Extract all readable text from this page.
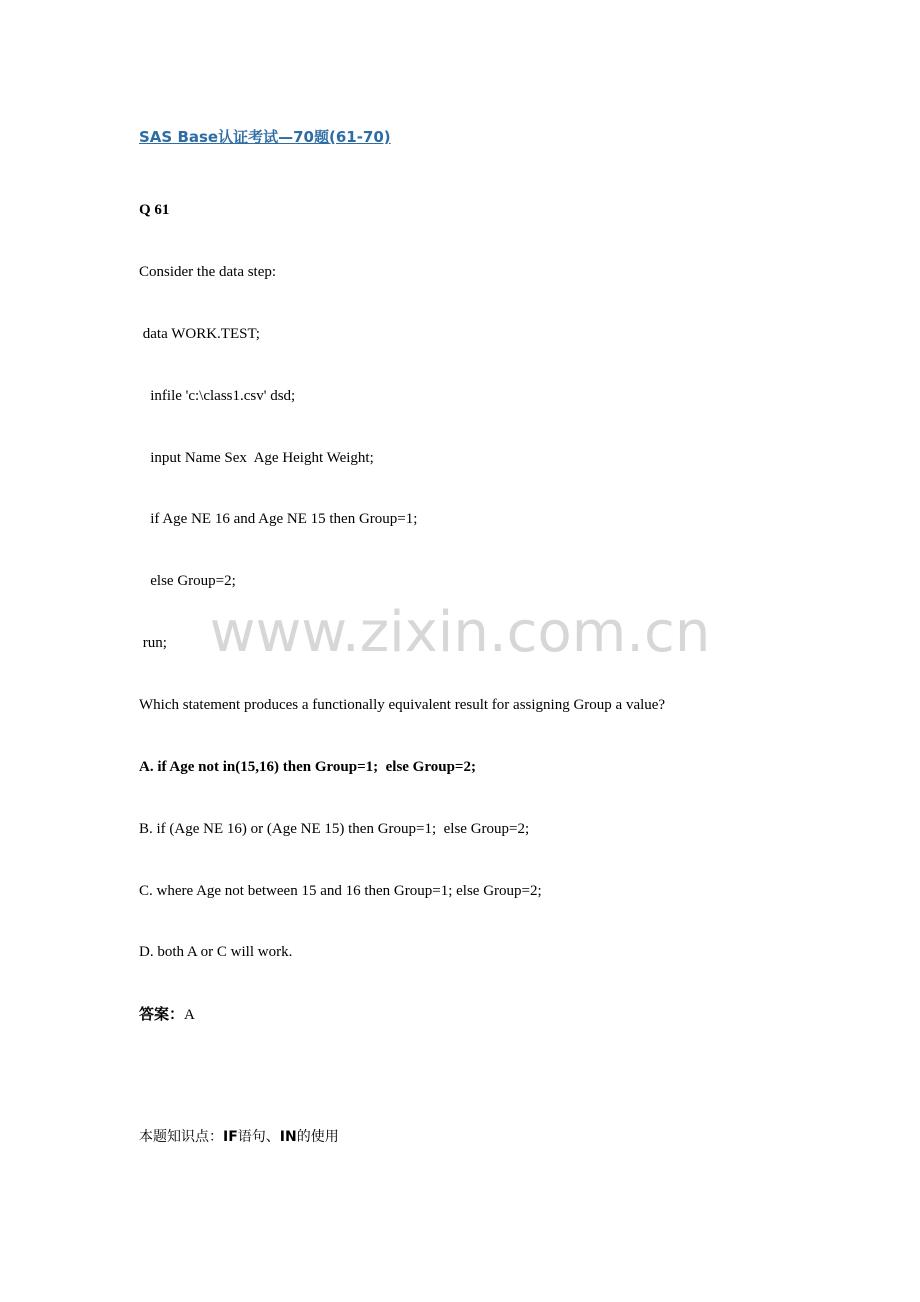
SAS Base认证考试—70题(61-70)
Q 61
Consider the data step:
data WORK.TEST;
infile 'c:\class1.csv' dsd;
input Name Sex  Age Height Weight;
if Age NE 16 and Age NE 15 then Group=1;
else Group=2;
run;
Which statement produces a functionally equivalent result for assigning Group a value?
A. if Age not in(15,16) then Group=1;  else Group=2;
B. if (Age NE 16) or (Age NE 15) then Group=1;  else Group=2;
C. where Age not between 15 and 16 then Group=1; else Group=2;
D. both A or C will work.
答案：A
本题知识点：IF语句、IN的使用
www.zixin.com.cn
